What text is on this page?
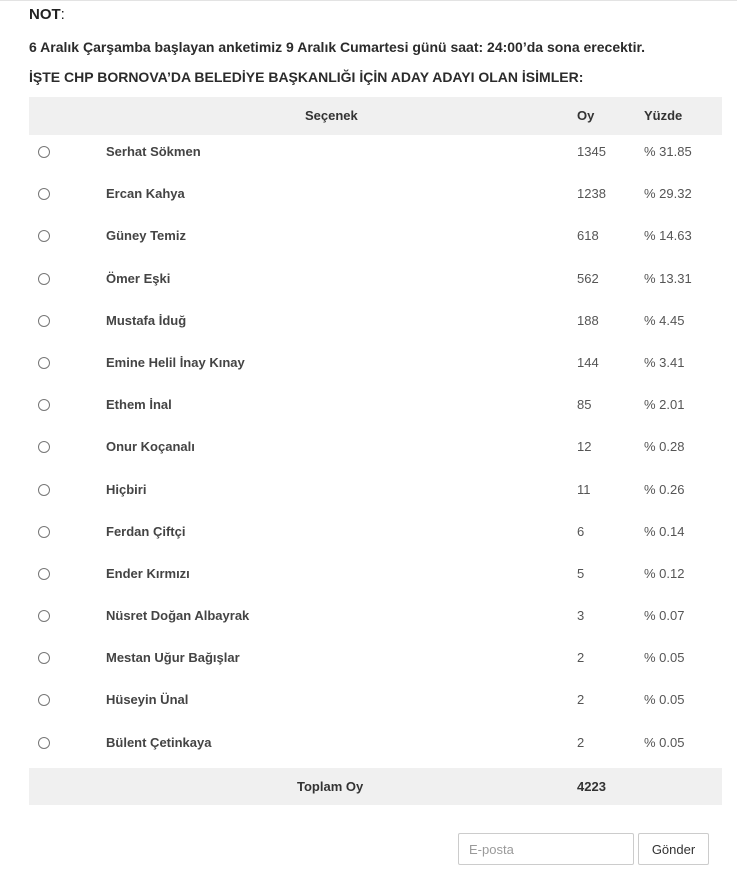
NOT:
6 Aralık Çarşamba başlayan anketimiz 9 Aralık Cumartesi günü saat: 24:00’da sona erecektir.
İŞTE CHP BORNOVA’DA BELEDİYE BAŞKANLIĞI İÇİN ADAY ADAYI OLAN İSİMLER:
Seçenek	Oy	Yüzde
Serhat Sökmen	1345	% 31.85
Ercan Kahya	1238	% 29.32
Güney Temiz	618	% 14.63
Ömer Eşki	562	% 13.31
Mustafa İduğ	188	% 4.45
Emine Helil İnay Kınay	144	% 3.41
Ethem İnal	85	% 2.01
Onur Koçanalı	12	% 0.28
Hiçbiri	11	% 0.26
Ferdan Çiftçi	6	% 0.14
Ender Kırmızı	5	% 0.12
Nüsret Doğan Albayrak	3	% 0.07
Mestan Uğur Bağışlar	2	% 0.05
Hüseyin Ünal	2	% 0.05
Bülent Çetinkaya	2	% 0.05
Toplam Oy	4223
E-posta
Gönder
